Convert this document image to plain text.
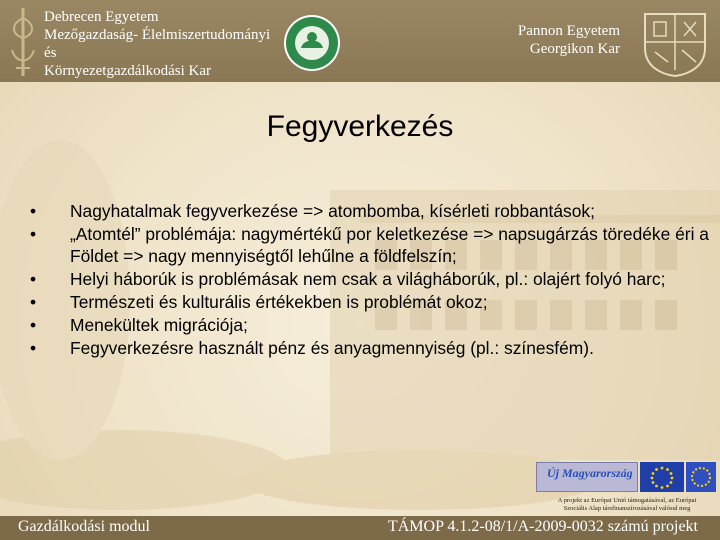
Debrecen Egyetem
Mezőgazdaság- Élelmiszertudományi és
Környezetgazdálkodási Kar
Pannon Egyetem
Georgikon Kar
Fegyverkezés
•	Nagyhatalmak fegyverkezése => atombomba, kísérleti robbantások;
•	„Atomtél” problémája: nagymértékű por keletkezése => napsugárzás töredéke éri a Földet => nagy mennyiségtől lehűlne a földfelszín;
•	Helyi háborúk is problémásak nem csak a világháborúk, pl.: olajért folyó harc;
•	Természeti és kulturális értékekben is problémát okoz;
•	Menekültek migrációja;
•	Fegyverkezésre használt pénz és anyagmennyiség (pl.: színesfém).
Új Magyarország
A projekt az Európai Unió támogatásával, az Európai
Szociális Alap társfinanszírozásával valósul meg
Gazdálkodási modul	TÁMOP 4.1.2-08/1/A-2009-0032 számú projekt
